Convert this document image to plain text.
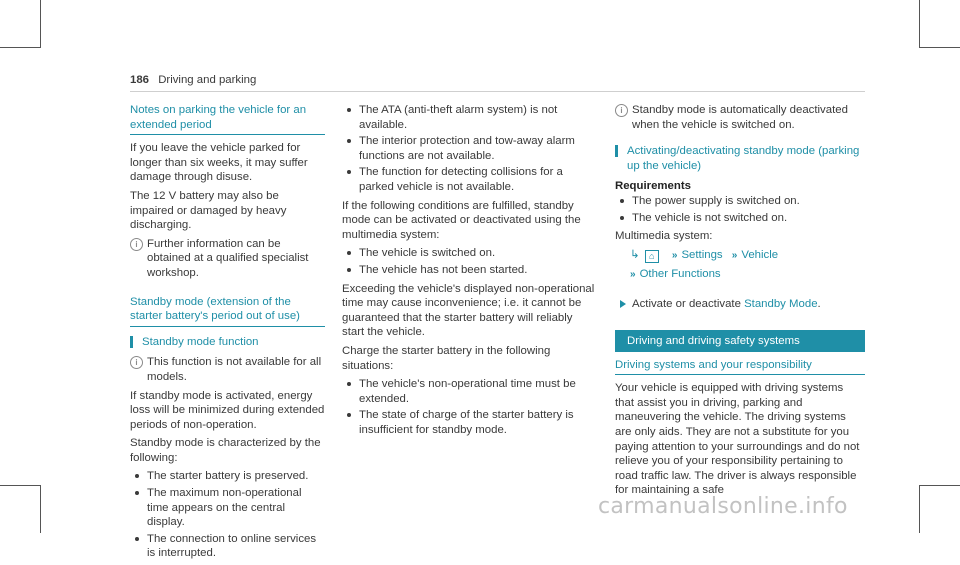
186 Driving and parking
Notes on parking the vehicle for an extended period

If you leave the vehicle parked for longer than six weeks, it may suffer damage through disuse.

The 12 V battery may also be impaired or damaged by heavy discharging.

i Further information can be obtained at a qualified specialist workshop.
Standby mode (extension of the starter battery's period out of use)
Standby mode function
i This function is not available for all models.

If standby mode is activated, energy loss will be minimized during extended periods of non-operation.

Standby mode is characterized by the following:

The starter battery is preserved.
The maximum non-operational time appears on the central display.
The connection to online services is interrupted.
The ATA (anti-theft alarm system) is not available.
The interior protection and tow-away alarm functions are not available.
The function for detecting collisions for a parked vehicle is not available.

If the following conditions are fulfilled, standby mode can be activated or deactivated using the multimedia system:

The vehicle is switched on.
The vehicle has not been started.

Exceeding the vehicle's displayed non-operational time may cause inconvenience; i.e. it cannot be guaranteed that the starter battery will reliably start the vehicle.

Charge the starter battery in the following situations:

The vehicle's non-operational time must be extended.
The state of charge of the starter battery is insufficient for standby mode.
i Standby mode is automatically deactivated when the vehicle is switched on.
Activating/deactivating standby mode (parking up the vehicle)
Requirements
The power supply is switched on.
The vehicle is not switched on.

Multimedia system:

↳ ⌂ » Settings » Vehicle
» Other Functions
Activate or deactivate Standby Mode.
Driving and driving safety systems
Driving systems and your responsibility

Your vehicle is equipped with driving systems that assist you in driving, parking and maneuvering the vehicle. The driving systems are only aids. They are not a substitute for you paying attention to your surroundings and do not relieve you of your responsibility pertaining to road traffic law. The driver is always responsible for maintaining a safe

carmanualsonline.info
